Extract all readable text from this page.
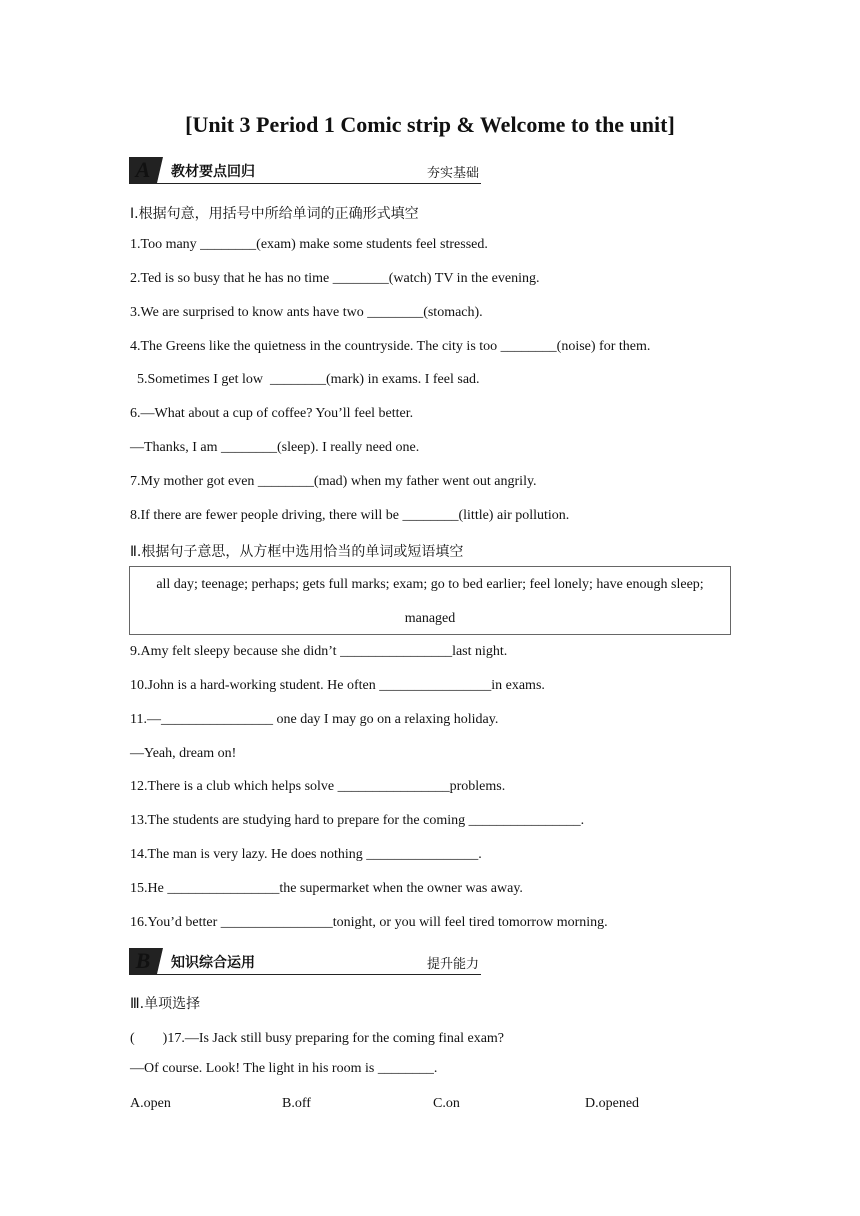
[Unit 3 Period 1 Comic strip & Welcome to the unit]
A	教材要点回归	夯实基础
Ⅰ.根据句意，用括号中所给单词的正确形式填空
1.Too many ________(exam) make some students feel stressed.
2.Ted is so busy that he has no time ________(watch) TV in the evening.
3.We are surprised to know ants have two ________(stomach).
4.The Greens like the quietness in the countryside. The city is too ________(noise) for them.
5.Sometimes I get low  ________(mark) in exams. I feel sad.
6.—What about a cup of coffee? You’ll feel better.
—Thanks, I am ________(sleep). I really need one.
7.My mother got even ________(mad) when my father went out angrily.
8.If there are fewer people driving, there will be ________(little) air pollution.
Ⅱ.根据句子意思，从方框中选用恰当的单词或短语填空
all day; teenage; perhaps; gets full marks; exam; go to bed earlier; feel lonely; have enough sleep;
managed
9.Amy felt sleepy because she didn’t ________________last night.
10.John is a hard-working student. He often ________________in exams.
11.—________________ one day I may go on a relaxing holiday.
—Yeah, dream on!
12.There is a club which helps solve ________________problems.
13.The students are studying hard to prepare for the coming ________________.
14.The man is very lazy. He does nothing ________________.
15.He ________________the supermarket when the owner was away.
16.You’d better ________________tonight, or you will feel tired tomorrow morning.
B	知识综合运用	提升能力
Ⅲ.单项选择
(　　)17.—Is Jack still busy preparing for the coming final exam?
—Of course. Look! The light in his room is ________.
A.open	B.off	C.on	D.opened
